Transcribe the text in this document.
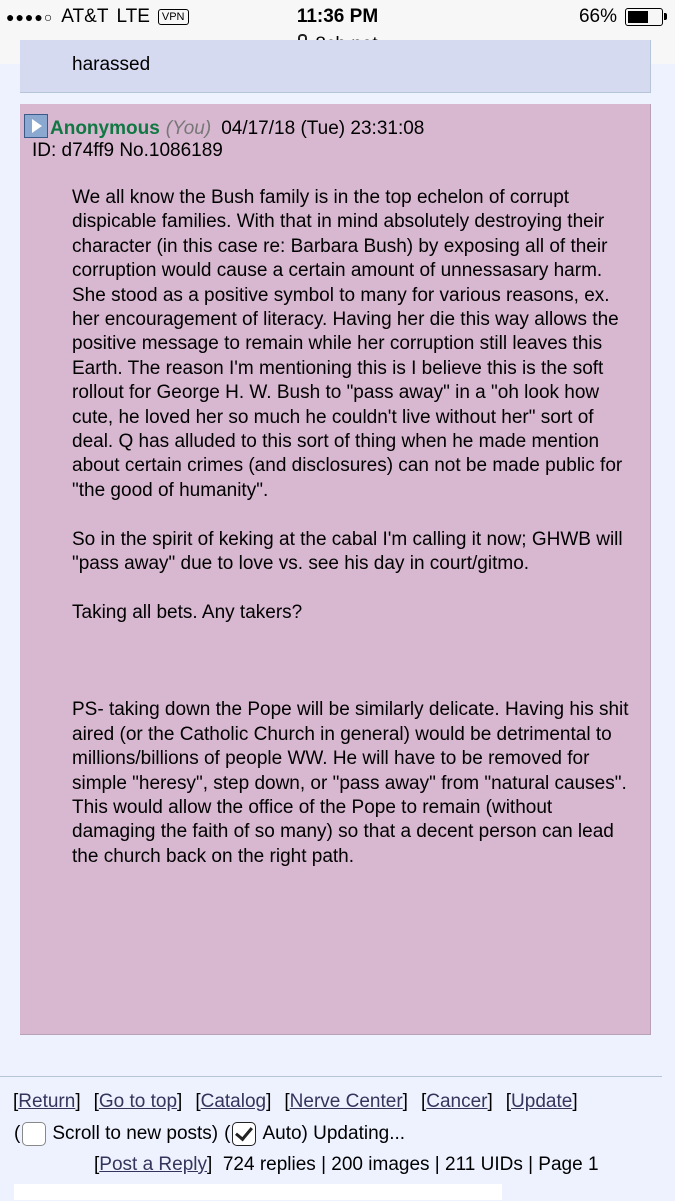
●●●●○ AT&T LTE	VPN	11:36 PM	66%
harassed
Anonymous (You) 04/17/18 (Tue) 23:31:08
ID: d74ff9 No.1086189

We all know the Bush family is in the top echelon of corrupt dispicable families. With that in mind absolutely destroying their character (in this case re: Barbara Bush) by exposing all of their corruption would cause a certain amount of unnessasary harm. She stood as a positive symbol to many for various reasons, ex. her encouragement of literacy. Having her die this way allows the positive message to remain while her corruption still leaves this Earth. The reason I'm mentioning this is I believe this is the soft rollout for George H. W. Bush to "pass away" in a "oh look how cute, he loved her so much he couldn't live without her" sort of deal. Q has alluded to this sort of thing when he made mention about certain crimes (and disclosures) can not be made public for "the good of humanity".

So in the spirit of keking at the cabal I'm calling it now; GHWB will "pass away" due to love vs. see his day in court/gitmo.

Taking all bets. Any takers?

PS- taking down the Pope will be similarly delicate. Having his shit aired (or the Catholic Church in general) would be detrimental to millions/billions of people WW. He will have to be removed for simple "heresy", step down, or "pass away" from "natural causes". This would allow the office of the Pope to remain (without damaging the faith of so many) so that a decent person can lead the church back on the right path.

[Return] [Go to top] [Catalog] [Nerve Center] [Cancer] [Update]
( Scroll to new posts) ( Auto) Updating...
[Post a Reply]  724 replies | 200 images | 211 UIDs | Page 1
